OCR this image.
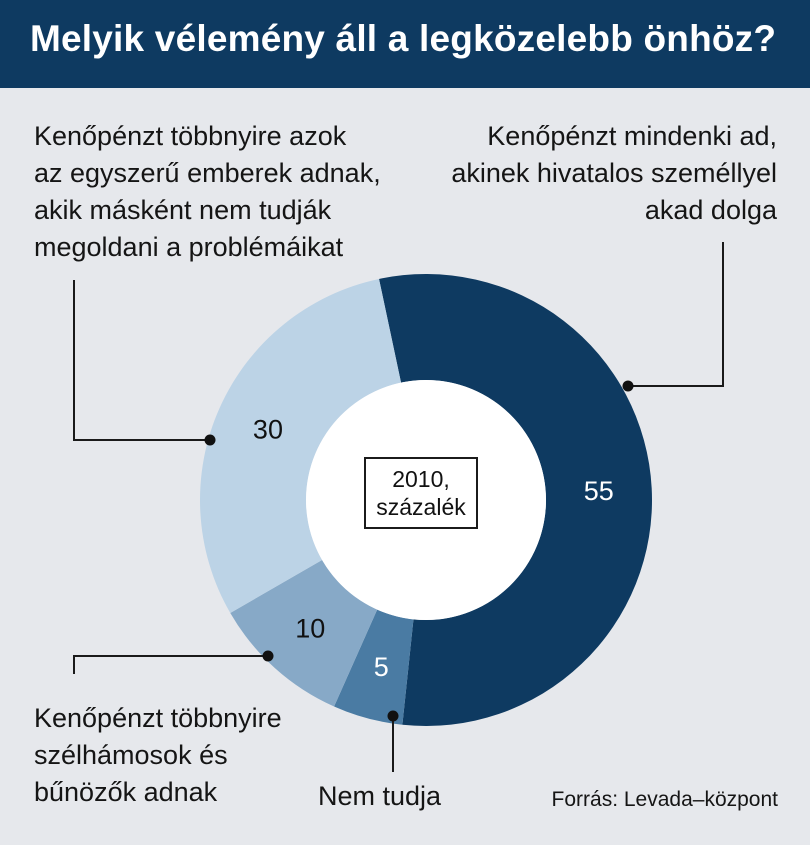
Melyik vélemény áll a legközelebb önhöz?
55
5
10
30
Kenőpénzt többnyire azok
az egyszerű emberek adnak,
akik másként nem tudják
megoldani a problémáikat
Kenőpénzt mindenki ad,
akinek hivatalos személlyel
akad dolga
Kenőpénzt többnyire
szélhámosok és
bűnözők adnak	Nem tudja
2010,
százalék
Forrás: Levada–központ
